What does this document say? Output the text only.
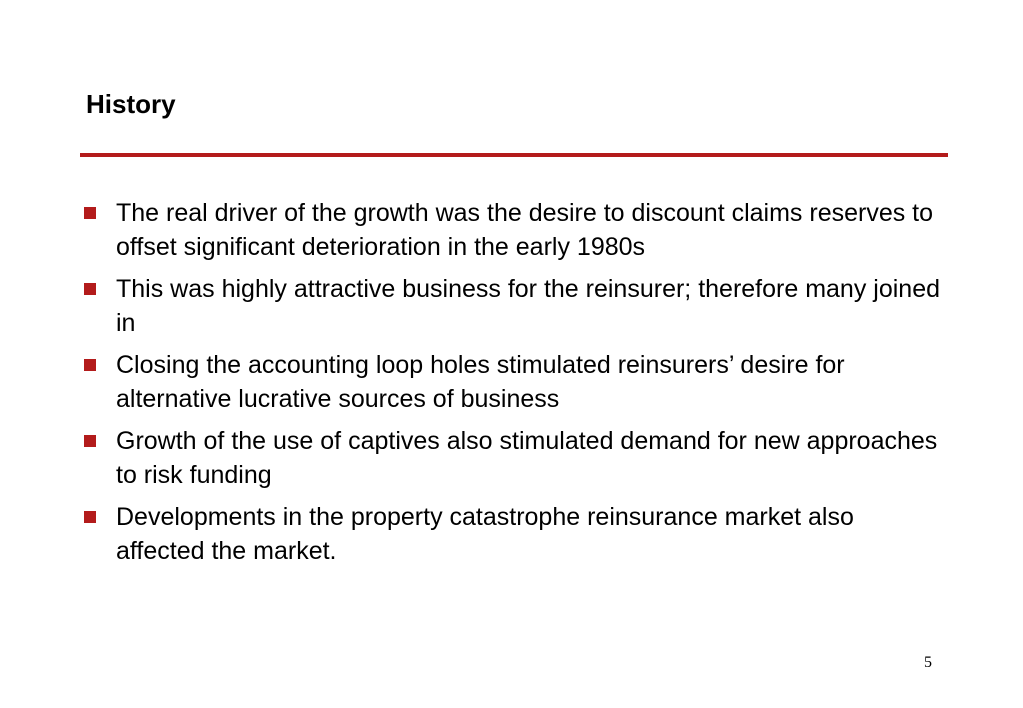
History
The real driver of the growth was the desire to discount claims reserves to offset significant deterioration in the early 1980s
This was highly attractive business for the reinsurer; therefore many joined in
Closing the accounting loop holes stimulated reinsurers’ desire for alternative lucrative sources of business
Growth of the use of captives also stimulated demand for new approaches to risk funding
Developments in the property catastrophe reinsurance market also affected the market.
5
